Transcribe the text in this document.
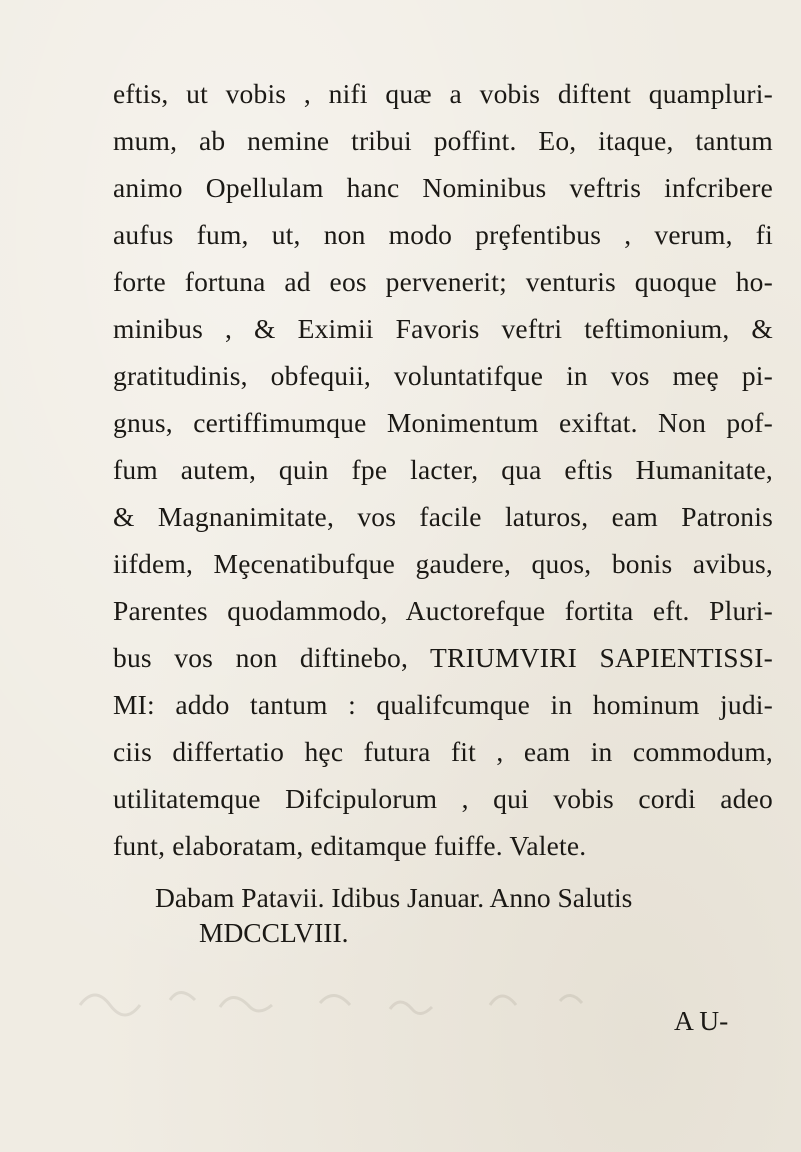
eftis, ut vobis , nifi quæ a vobis diftent quampluri-
mum, ab nemine tribui poffint. Eo, itaque, tantum
animo Opellulam hanc Nominibus veftris infcribere
aufus fum, ut, non modo prȩfentibus , verum, fi
forte fortuna ad eos pervenerit; venturis quoque ho-
minibus , & Eximii Favoris veftri teftimonium, &
gratitudinis, obfequii, voluntatifque in vos meȩ pi-
gnus, certiffimumque Monimentum exiftat. Non pof-
fum autem, quin fpe lacter, qua eftis Humanitate,
& Magnanimitate, vos facile laturos, eam Patronis
iifdem, Mȩcenatibufque gaudere, quos, bonis avibus,
Parentes quodammodo, Auctorefque fortita eft. Pluri-
bus vos non diftinebo, TRIUMVIRI SAPIENTISSI-
MI: addo tantum : qualifcumque in hominum judi-
ciis differtatio hȩc futura fit , eam in commodum,
utilitatemque Difcipulorum , qui vobis cordi adeo
funt, elaboratam, editamque fuiffe. Valete.
Dabam Patavii. Idibus Januar. Anno Salutis
MDCCLVIII.
A U-
